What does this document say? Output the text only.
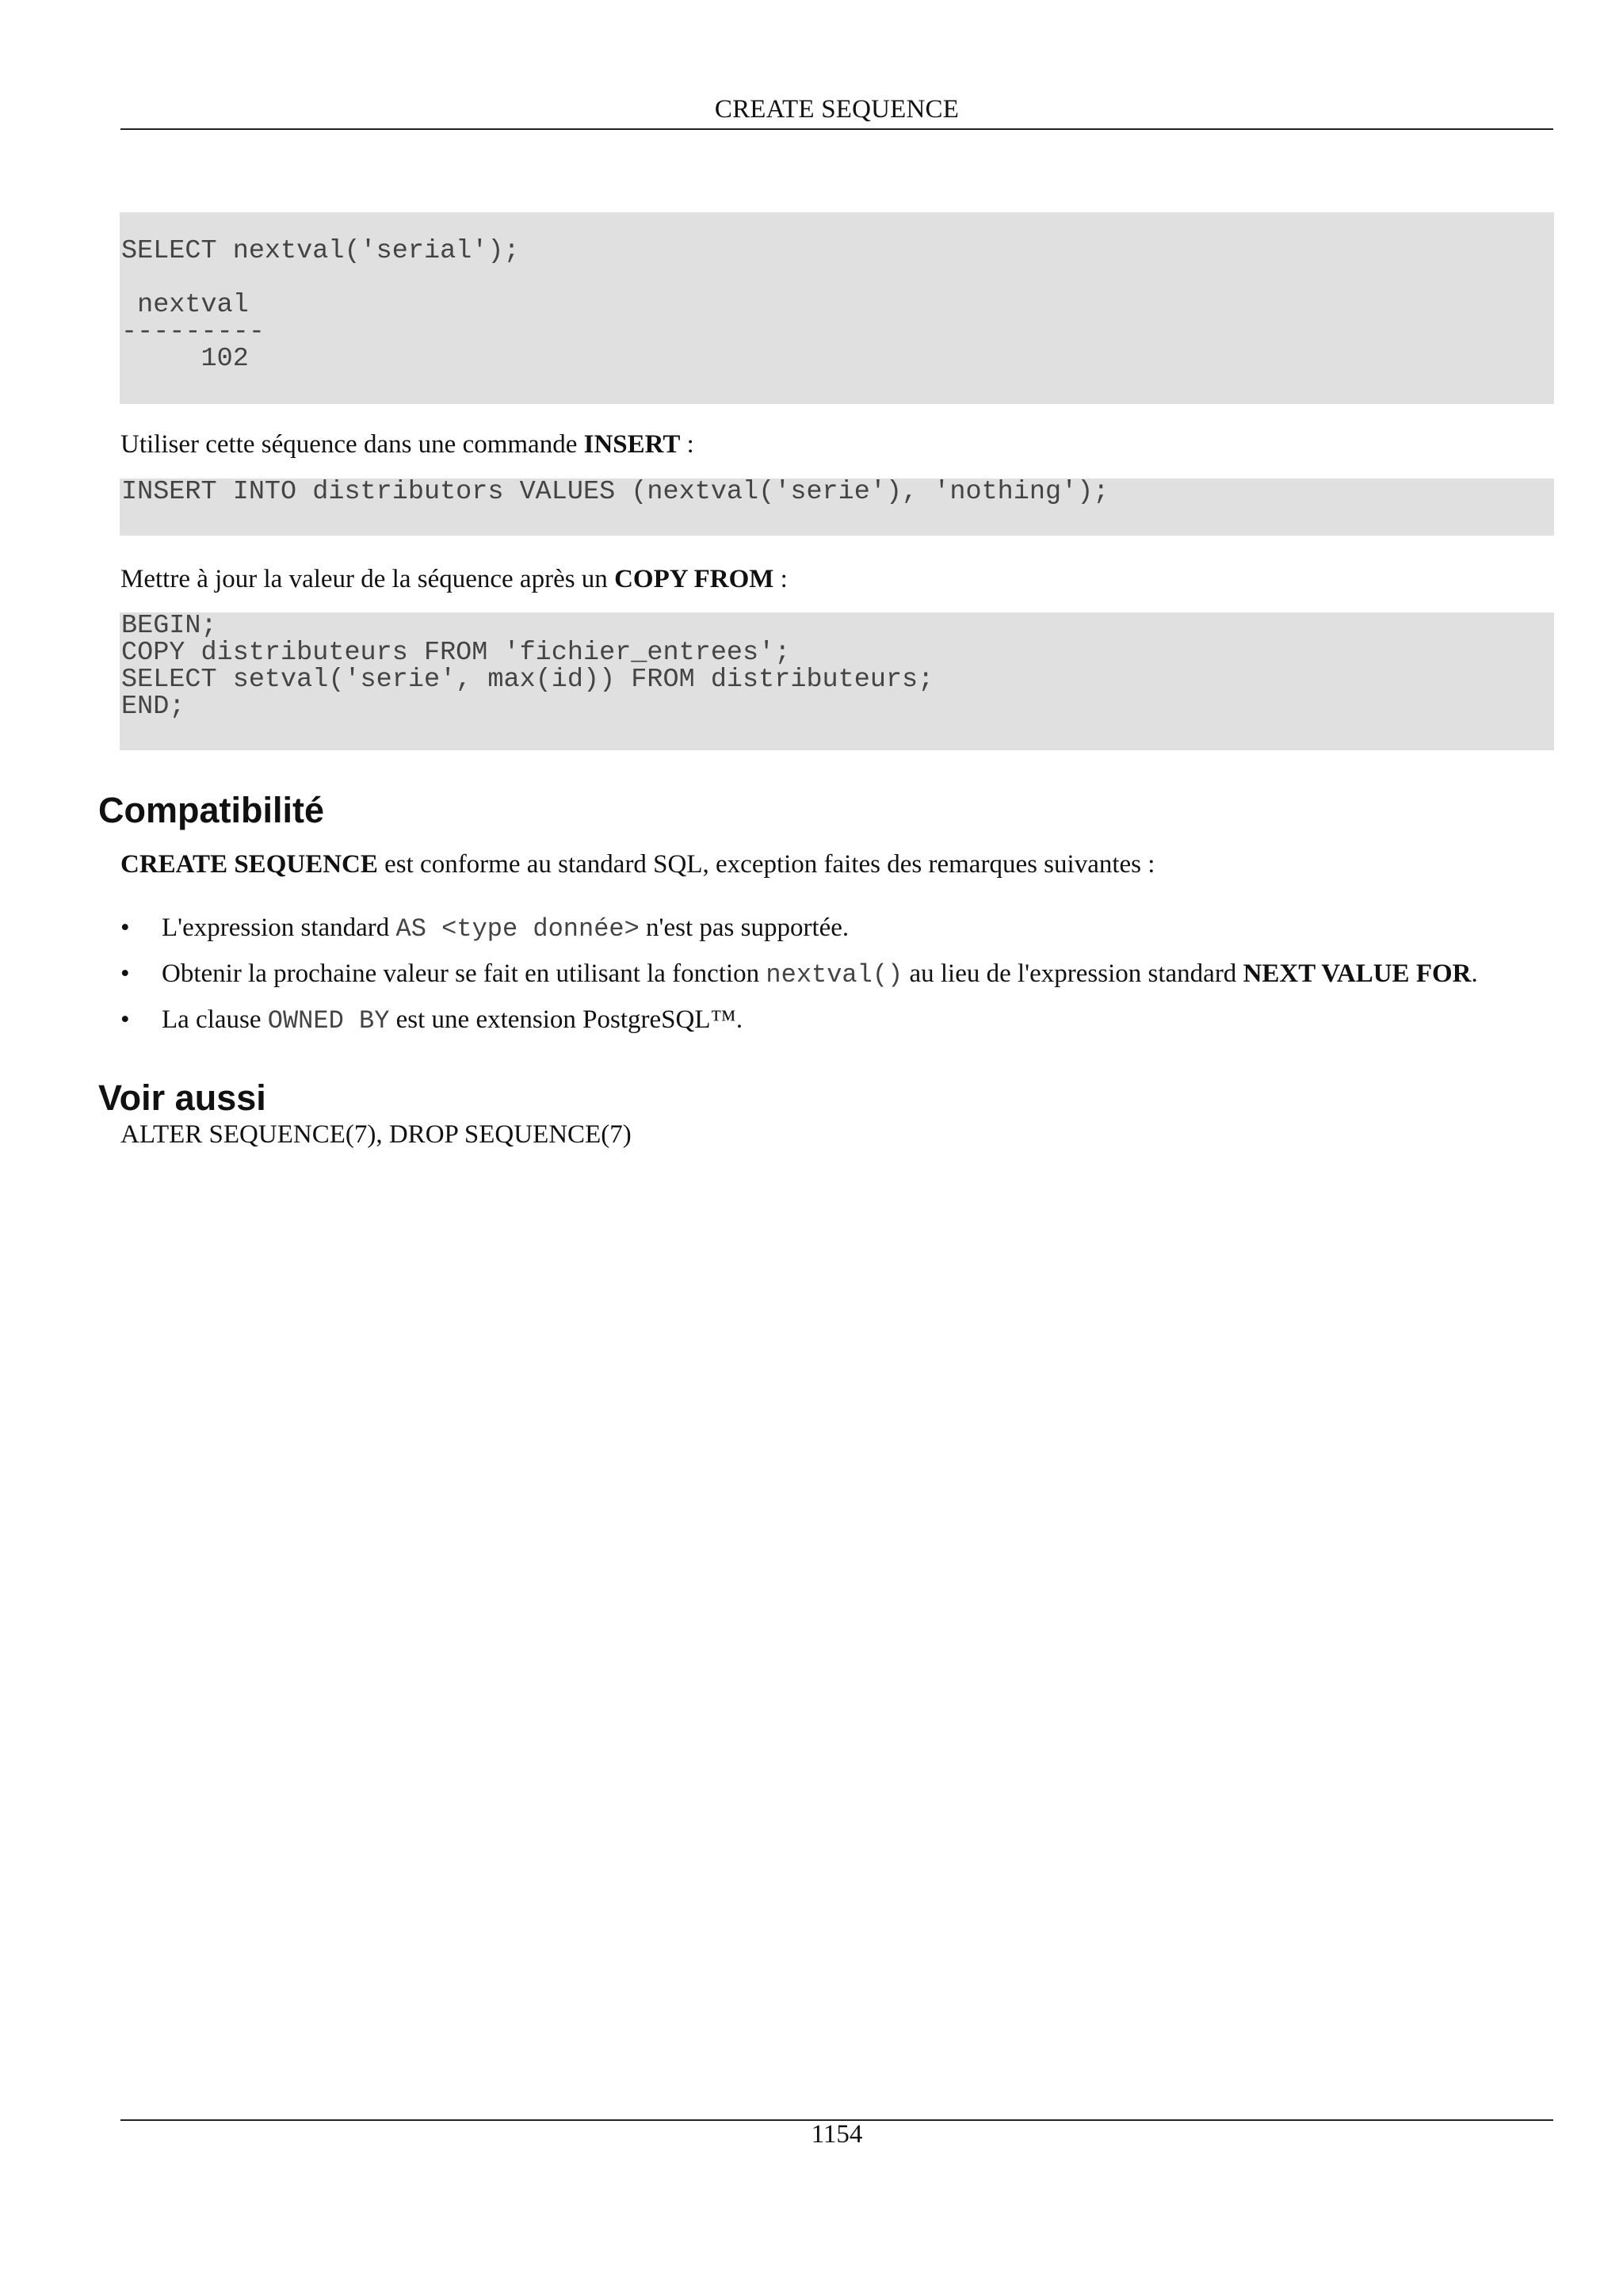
CREATE SEQUENCE
SELECT nextval('serial');
nextval
---------
102
Utiliser cette séquence dans une commande INSERT :
INSERT INTO distributors VALUES (nextval('serie'), 'nothing');
Mettre à jour la valeur de la séquence après un COPY FROM :
BEGIN;
COPY distributeurs FROM 'fichier_entrees';
SELECT setval('serie', max(id)) FROM distributeurs;
END;
Compatibilité
CREATE SEQUENCE est conforme au standard SQL, exception faites des remarques suivantes :
• L'expression standard AS <type donnée> n'est pas supportée.
• Obtenir la prochaine valeur se fait en utilisant la fonction nextval() au lieu de l'expression standard NEXT VALUE FOR.
• La clause OWNED BY est une extension PostgreSQL™.
Voir aussi
ALTER SEQUENCE(7), DROP SEQUENCE(7)
1154
